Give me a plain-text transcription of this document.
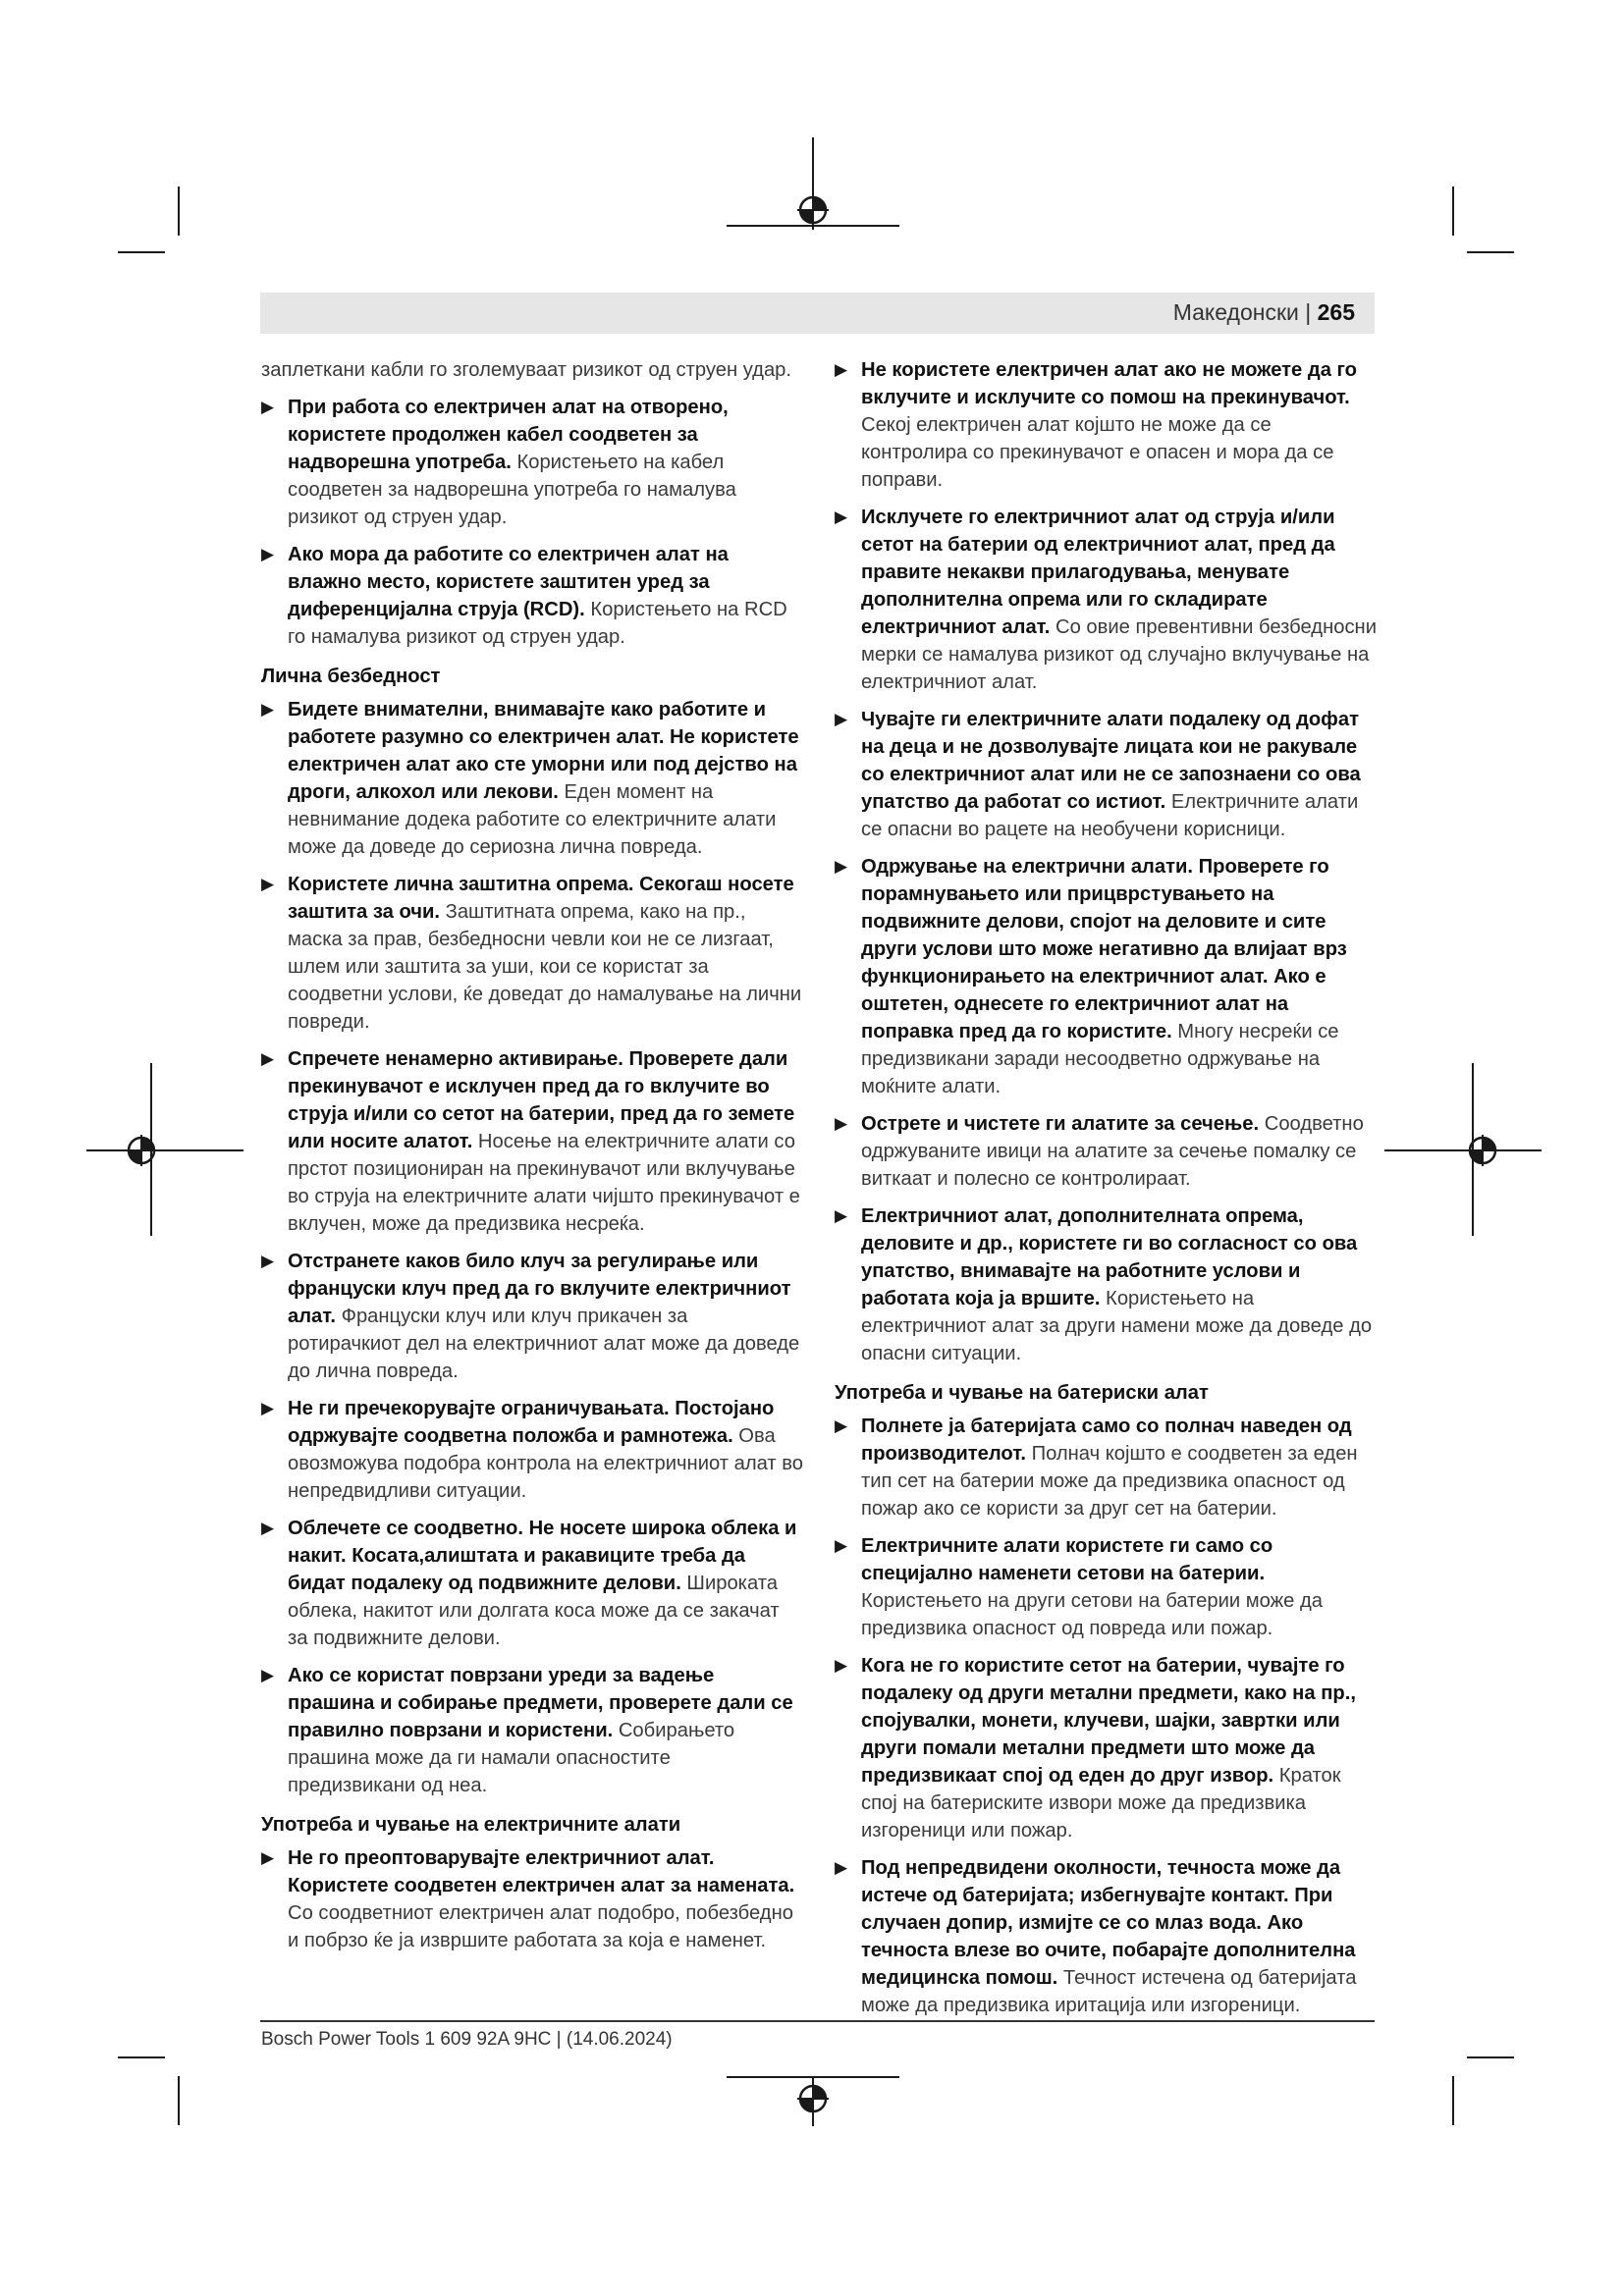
Македонски | 265

заплеткани кабли го зголемуваат ризикот од струен удар.

▶ При работа со електричен алат на отворено, користете продолжен кабел соодветен за надворешна употреба. Користењето на кабел соодветен за надворешна употреба го намалува ризикот од струен удар.
▶ Ако мора да работите со електричен алат на влажно место, користете заштитен уред за диференцијална струја (RCD). Користењето на RCD го намалува ризикот од струен удар.
Лична безбедност
▶ Бидете внимателни, внимавајте како работите и работете разумно со електричен алат. Не користете електричен алат ако сте уморни или под дејство на дроги, алкохол или лекови. Еден момент на невнимание додека работите со електричните алати може да доведе до сериозна лична повреда.
▶ Користете лична заштитна опрема. Секогаш носете заштита за очи. Заштитната опрема, како на пр., маска за прав, безбедносни чевли кои не се лизгаат, шлем или заштита за уши, кои се користат за соодветни услови, ќе доведат до намалување на лични повреди.
▶ Спречете ненамерно активирање. Проверете дали прекинувачот е исклучен пред да го вклучите во струја и/или со сетот на батерии, пред да го земете или носите алатот. Носење на електричните алати со прстот позициониран на прекинувачот или вклучување во струја на електричните алати чијшто прекинувачот е вклучен, може да предизвика несреќа.
▶ Отстранете каков било клуч за регулирање или француски клуч пред да го вклучите електричниот алат. Француски клуч или клуч прикачен за ротирачкиот дел на електричниот алат може да доведе до лична повреда.
▶ Не ги пречекорувајте ограничувањата. Постојано одржувајте соодветна положба и рамнотежа. Ова овозможува подобра контрола на електричниот алат во непредвидливи ситуации.
▶ Облечете се соодветно. Не носете широка облека и накит. Косата,алиштата и ракавиците треба да бидат подалеку од подвижните делови. Широката облека, накитот или долгата коса може да се закачат за подвижните делови.
▶ Ако се користат поврзани уреди за вадење прашина и собирање предмети, проверете дали се правилно поврзани и користени. Собирањето прашина може да ги намали опасностите предизвикани од неа.
Употреба и чување на електричните алати
▶ Не го преоптоварувајте електричниот алат. Користете соодветен електричен алат за намената. Со соодветниот електричен алат подобро, побезбедно и побрзо ќе ја извршите работата за која е наменет.
▶ Не користете електричен алат ако не можете да го вклучите и исклучите со помош на прекинувачот. Секој електричен алат којшто не може да се контролира со прекинувачот е опасен и мора да се поправи.
▶ Исклучете го електричниот алат од струја и/или сетот на батерии од електричниот алат, пред да правите некакви прилагодувања, менувате дополнителна опрема или го складирате електричниот алат. Со овие превентивни безбедносни мерки се намалува ризикот од случајно вклучување на електричниот алат.
▶ Чувајте ги електричните алати подалеку од дофат на деца и не дозволувајте лицата кои не ракувале со електричниот алат или не се запознаени со ова упатство да работат со истиот. Електричните алати се опасни во рацете на необучени корисници.
▶ Одржување на електрични алати. Проверете го порамнувањето или прицврстувањето на подвижните делови, спојот на деловите и сите други услови што може негативно да влијаат врз функционирањето на електричниот алат. Ако е оштетен, однесете го електричниот алат на поправка пред да го користите. Многу несреќи се предизвикани заради несоодветно одржување на моќните алати.
▶ Острете и чистете ги алатите за сечење. Соодветно одржуваните ивици на алатите за сечење помалку се виткаат и полесно се контролираат.
▶ Електричниот алат, дополнителната опрема, деловите и др., користете ги во согласност со ова упатство, внимавајте на работните услови и работата која ја вршите. Користењето на електричниот алат за други намени може да доведе до опасни ситуации.
Употреба и чување на батериски алат
▶ Полнете ја батеријата само со полнач наведен од производителот. Полнач којшто е соодветен за еден тип сет на батерии може да предизвика опасност од пожар ако се користи за друг сет на батерии.
▶ Електричните алати користете ги само со специјално наменети сетови на батерии. Користењето на други сетови на батерии може да предизвика опасност од повреда или пожар.
▶ Кога не го користите сетот на батерии, чувајте го подалеку од други метални предмети, како на пр., спојувалки, монети, клучеви, шајки, завртки или други помали метални предмети што може да предизвикаат спој од еден до друг извор. Краток спој на батериските извори може да предизвика изгореници или пожар.
▶ Под непредвидени околности, течноста може да истече од батеријата; избегнувајте контакт. При случаен допир, измијте се со млаз вода. Ако течноста влезе во очите, побарајте дополнителна медицинска помош. Течност истечена од батеријата може да предизвика иритација или изгореници.
Bosch Power Tools 1 609 92A 9HC | (14.06.2024)
